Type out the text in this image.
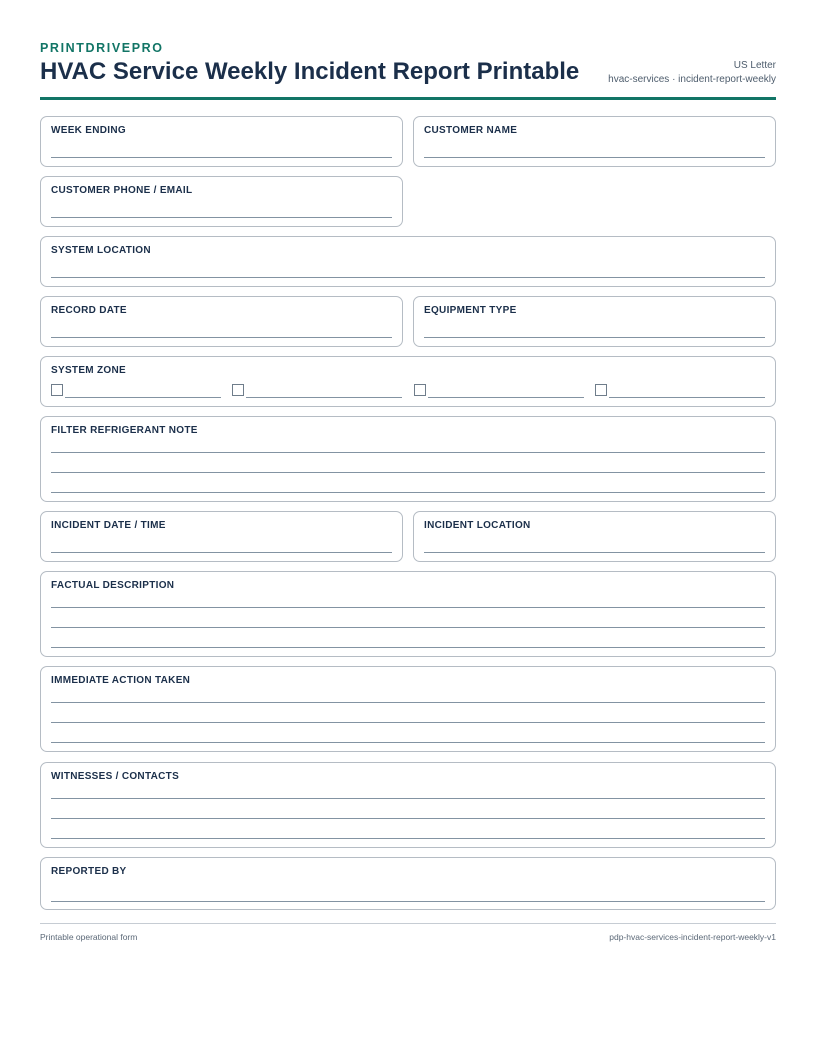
PRINTDRIVEPRO
HVAC Service Weekly Incident Report Printable	US Letter
hvac-services · incident-report-weekly
WEEK ENDING	CUSTOMER NAME
CUSTOMER PHONE / EMAIL
SYSTEM LOCATION
RECORD DATE	EQUIPMENT TYPE
SYSTEM ZONE
FILTER REFRIGERANT NOTE
INCIDENT DATE / TIME	INCIDENT LOCATION
FACTUAL DESCRIPTION
IMMEDIATE ACTION TAKEN
WITNESSES / CONTACTS
REPORTED BY
Printable operational form	pdp-hvac-services-incident-report-weekly-v1
